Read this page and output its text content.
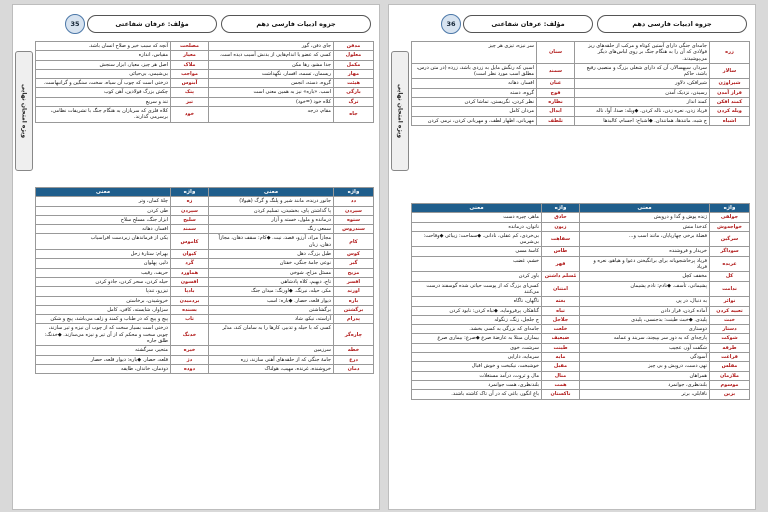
جزوه ادبیات فارسی دهم
مؤلف: عرفان شفاعتی
35
ویژه امتحان نهایی
مدفن	جای دفن، گور	مصلحت	آنچه که سبب خیر و صلاح انسان باشد.
معلول	کسی که عضو یا اندام‌هایی از بدنش آسیب دیده است.	معیار	مقیاس، اندازه
مکمل	جدا مشو، رها مکن	ملاک	اصل هر چیز، معیار، ابزار سنجش
مهار	ریسمان، تسمه، افسار، نگهداشت	مواجب	بی‌شیمی، بی‌حیائی
هیئت	گروه، دسته، انجمن	آبنوس	درختی است که چوب آن سیاه، سخت، سنگین و گرانبهاست.
بارگی	اسب. «باره» نیز به همین معنی است	پتک	چکش بزرگ فولادین، آهن کوب
ترگ	کلاه خود (=خود)	تیز	تند و سریع
جاه	مقام، درجه	خود	کلاه فلزی که سربازان به هنگام جنگ با تشریفات نظامی، برسرمی گذارند.
واژه	معنی	واژه	معنی
دد	جانور درنده، مانند شیر و پلنگ و گرگ (هیولا)	زه	چلهٔ کمان، وتر
سپردن	پا گذاشتن پای، بخشیدن، تسلیم کردن	سپردن	طی کردن
ستوه	درمانده و ملول، خسته و آزار	سلیح	ابزار جنگ، مسلح سلاح
سندروس	سمعی رنگ	سمند	افسار، دهانه
کام	مجازاً مراد، آرزو، قصد، نیت. ◆کام: سقف دهان، مجازاً دهان، زبان	کاموس	یکی از فرماندهان زیردست افراسیاب
کوس	طبل بزرگ، دهل	کیوان	بهرام: ستارهٔ زحل
گبر	نوعی جامهٔ جنگی، خفتان	گُرد	دلیر، پهلوان
مزیح	مسئل مزاج، شوخی	هماورد	حریف، رقیب
افسر	تاج، دیهیم، کلاه پادشاهی	افسون	حیله کردن، سحر کردن، جادو کردن
اورند	مکر، حیله، نیرنگ. ◆اورنگ: میدان جنگ	بادپا	تیزرو، تندپا
باره	دیوار قلعه، حصار. ◆باره: اسب	بردمیدن	خروشیدن، برخاستن
برگشتن	برگشاشتن	بسنده	سزاوار، شایسته، کافی، کامل
پدرام	آراسته، نیکو، شاد	تاب	پیچ و پیچ که در طناب و کمند و زلف می‌باشد، پیچ و شکن
چاره‌گر	کسی که با حیله و تدبیر، کارها را به سامان کند، مدبّر	خدنگ	درختی است بسیار سخت که از چوب آن نیزه و تیر سازند، چوبی سخت و محکم که از آن تیر و نیزه می‌سازند. ◆خدنگ: طلق جاره
خطه	سرزمین	خیره	متحیر، سرگشته
درع	جامهٔ جنگی که از حلقه‌های آهنی سازند، زره	دژ	قلعه، حصار. ◆باره: دیوار قلعه، حصار
دمان	خروشنده، غرنده، مهیب، هولناک	دوده	دودمان، خاندان، طایفه
جزوه ادبیات فارسی دهم
مؤلف: عرفان شفاعتی
36
ویژه امتحان نهایی
زره	جامه‌ای جنگی دارای آستین کوتاه و مرکب از حلقه‌های ریز فولادی که آن را به هنگام جنگ بر روی لباس‌های دیگر می‌پوشیدند.	سنان	سر نیزه، تیزی هر چیز
سالار	سردار، سپهسالار، آن که دارای شغلی بزرگ و منصبی رفیع باشد، حاکم	سمند	اسبی که رنگش مایل به زردی باشد، زرده (در متن درس، مطلق اسب مورد نظر است)
شیراوژن	شیرافکن، دلاور	عنان	افسار، دهانه
فراز آمدن	رسیدن، نزدیک آمدن	فوج	گروه، دسته
کمند افکن	کمند انداز	نظاره	نظر کردن، نگریستن، تماشا کردن
ویله کردن	فریاد زدن، نعره زدن، ناله کردن. ◆ویله: صدا، آوا، ناله	ابدال	مردان کامل
اشباه	ج شبه، مانندها، همانندان. ◆اشباح: اجسام، کالبدها	تلطف	مهربانی، اظهار لطف، و مهربانی کردن، نرمی کردن
واژه	معنی	واژه	معنی
جولقی	ژنده پوش و گدا و درویش	حاذق	ماهر، چیره دست
خواجه‌وش	کدخدا منش	زبون	ناتوان، درمانده
سرگین	فضلهٔ برخی چهارپایان، مانند اسب و...	سفاهت	بی‌خردی، کم عقلی، نادانی. ◆سماحت: زیبائی ◆وقاحت: بی‌شرمی
سوداگر	خریدار و فروشنده	طاس	کاسهٔ مسی
عربده	فریاد پرخاشجویانه برای برانگیختن دعوا و هیاهو، نعره و فریاد	قهر	خشم، غضب
کل	مخفف کچل	مُسلم داشتن	باور کردن
ندامت	پشیمانی، تأسف. ◆نادم: نادم پشیمان	امتنان	کسی‌ای بزرگ که از پوست حیاتی شده گوسفند درست می‌کنند
نوائر	به دنبال، در پی	بغته	ناگهان، ناگاه
تعبیه کردن	آماده کردن، قرار دادن	تباه	گناهکار، پرفرومایه. ◆تباه کردن: نابود کردن
خبث	پلیدی. ◆خبث طینت: بدجنسی، پلیدی	جلاجل	ج جلجل، زنگ، زنگوله
دستار	دوستاری	خلعت	جامه‌ای که بزرگی به کسی بخشد.
شوکت	پارچه‌ای که به دور سر بپیچند، سربند و عمامه	ضیعیف	بیماران مبتلا به عارضهٔ صرع ◆صرع: بیماری صرع
طرفه	شگفت آور، عجیب	طینت	سرشت، خوی
قراغت	آسودگی	مایه	سرمایه، دارایی
مفلس	تهی دست، درویش و بی چیز	مقبل	خوشبخت، نیکبخت و خوش اقبال
ملازمان	همراهان	منال	مال و ثروت، درآمد مستغلات
موسوم	بلندنظری، جوانمرد	همت	بلندنظری، همت جوانمرد
بزین	ناقابلی، برتر	ناکستان	باغ انگور، باغی که در آن تاک کاشته باشند.
